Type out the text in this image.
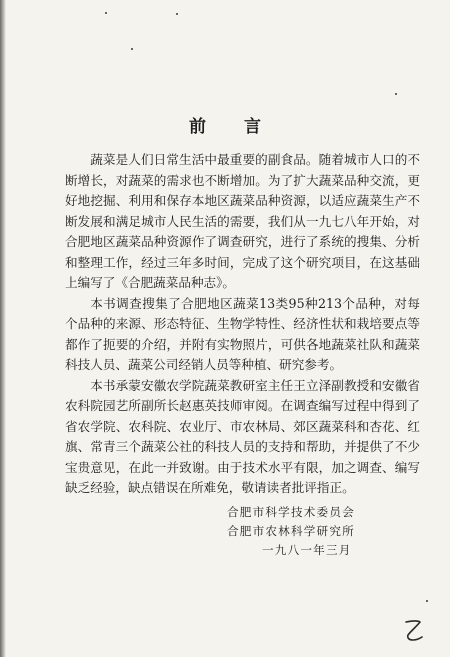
前 言

蔬菜是人们日常生活中最重要的副食品。随着城市人口的不断增长，对蔬菜的需求也不断增加。为了扩大蔬菜品种交流，更好地挖掘、利用和保存本地区蔬菜品种资源，以适应蔬菜生产不断发展和满足城市人民生活的需要，我们从一九七八年开始，对合肥地区蔬菜品种资源作了调查研究，进行了系统的搜集、分析和整理工作，经过三年多时间，完成了这个研究项目，在这基础上编写了《合肥蔬菜品种志》。

本书调查搜集了合肥地区蔬菜13类95种213个品种，对每个品种的来源、形态特征、生物学特性、经济性状和栽培要点等都作了扼要的介绍，并附有实物照片，可供各地蔬菜社队和蔬菜科技人员、蔬菜公司经销人员等种植、研究参考。

本书承蒙安徽农学院蔬菜教研室主任王立泽副教授和安徽省农科院园艺所副所长赵惠英技师审阅。在调查编写过程中得到了省农学院、农科院、农业厅、市农林局、郊区蔬菜科和杏花、红旗、常青三个蔬菜公社的科技人员的支持和帮助，并提供了不少宝贵意见，在此一并致谢。由于技术水平有限，加之调查、编写缺乏经验，缺点错误在所难免，敬请读者批评指正。

合肥市科学技术委员会
合肥市农林科学研究所
一九八一年三月
